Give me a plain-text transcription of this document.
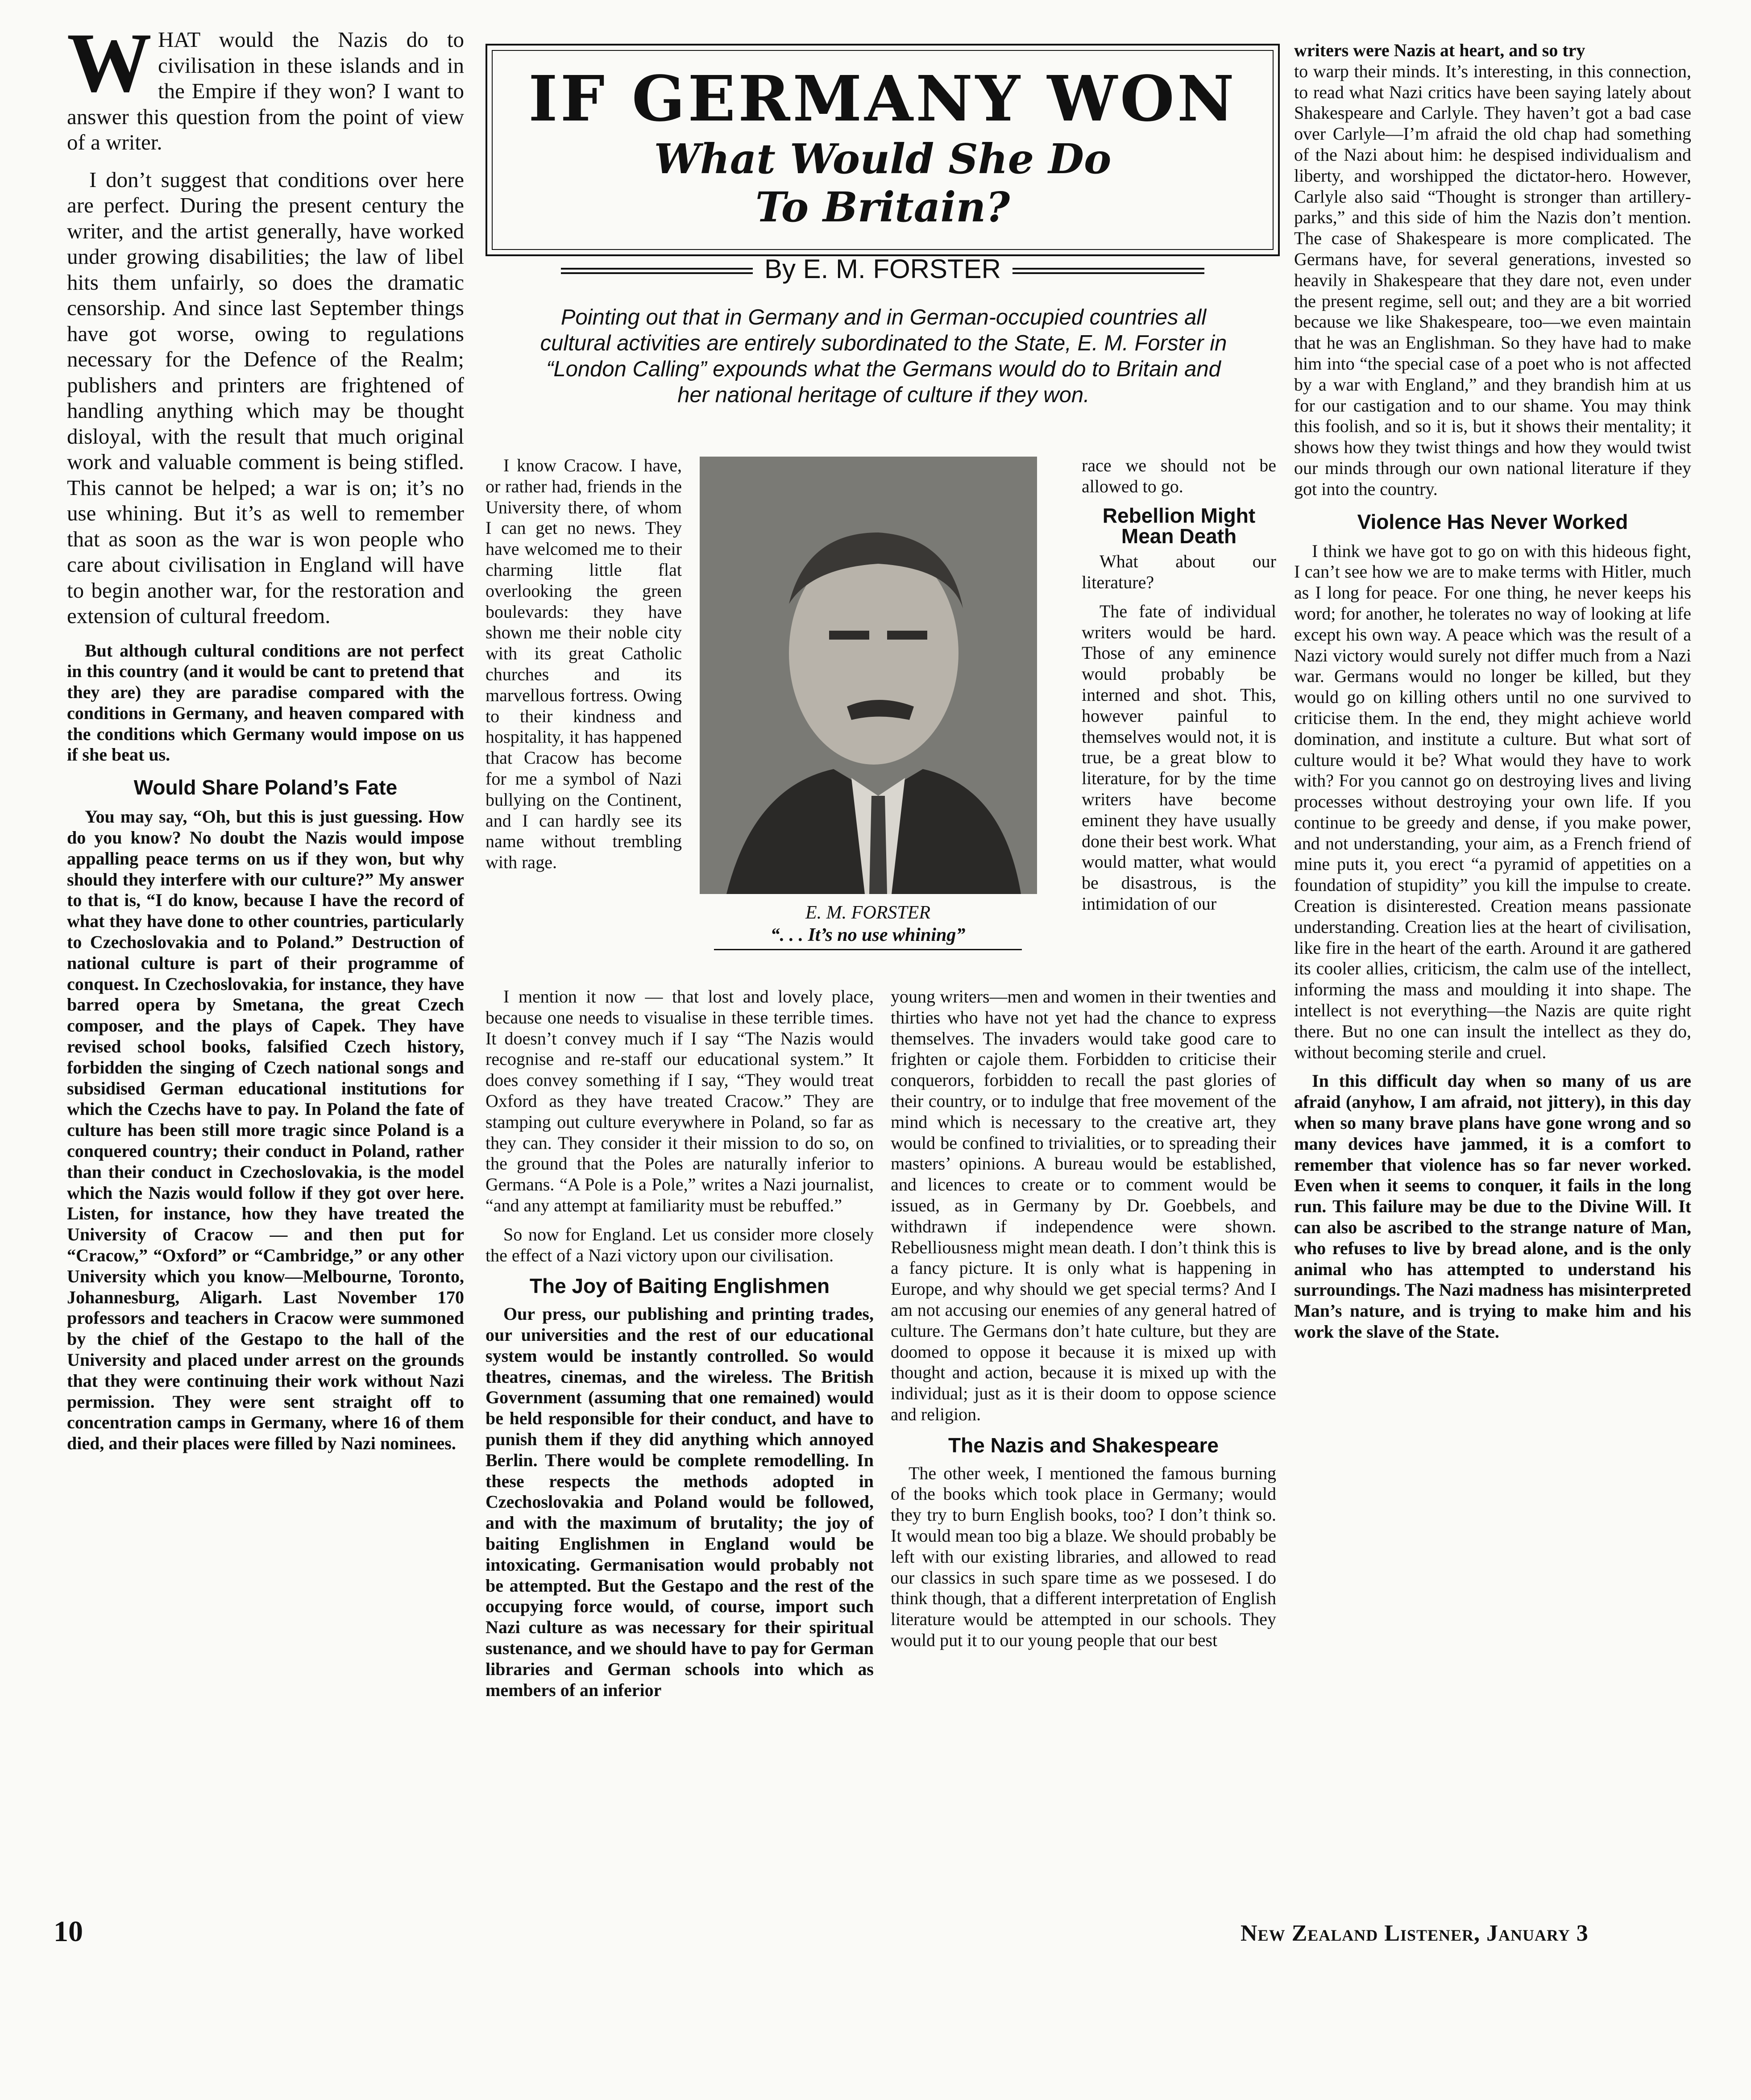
W HAT would the Nazis do to civilisation in these islands and in the Empire if they won? I want to answer this question from the point of view of a writer.

I don’t suggest that conditions over here are perfect. During the present century the writer, and the artist generally, have worked under growing disabilities; the law of libel hits them unfairly, so does the dramatic censorship. And since last September things have got worse, owing to regulations necessary for the Defence of the Realm; publishers and printers are frightened of handling anything which may be thought disloyal, with the result that much original work and valuable comment is being stifled. This cannot be helped; a war is on; it’s no use whining. But it’s as well to remember that as soon as the war is won people who care about civilisation in England will have to begin another war, for the restoration and extension of cultural freedom.

But although cultural conditions are not perfect in this country (and it would be cant to pretend that they are) they are paradise compared with the conditions in Germany, and heaven compared with the conditions which Germany would impose on us if she beat us.

Would Share Poland’s Fate

You may say, “Oh, but this is just guessing. How do you know? No doubt the Nazis would impose appalling peace terms on us if they won, but why should they interfere with our culture?” My answer to that is, “I do know, because I have the record of what they have done to other countries, particularly to Czechoslovakia and to Poland.” Destruction of national culture is part of their programme of conquest. In Czechoslovakia, for instance, they have barred opera by Smetana, the great Czech composer, and the plays of Capek. They have revised school books, falsified Czech history, forbidden the singing of Czech national songs and subsidised German educational institutions for which the Czechs have to pay. In Poland the fate of culture has been still more tragic since Poland is a conquered country; their conduct in Poland, rather than their conduct in Czechoslovakia, is the model which the Nazis would follow if they got over here. Listen, for instance, how they have treated the University of Cracow — and then put for “Cracow,” “Oxford” or “Cambridge,” or any other University which you know—Melbourne, Toronto, Johannesburg, Aligarh. Last November 170 professors and teachers in Cracow were summoned by the chief of the Gestapo to the hall of the University and placed under arrest on the grounds that they were continuing their work without Nazi permission. They were sent straight off to concentration camps in Germany, where 16 of them died, and their places were filled by Nazi nominees.

IF GERMANY WON
What Would She Do
To Britain?
By E. M. FORSTER
Pointing out that in Germany and in German-occupied countries all cultural activities are entirely subordinated to the State, E. M. Forster in “London Calling” expounds what the Germans would do to Britain and her national heritage of culture if they won.

I know Cracow. I have, or rather had, friends in the University there, of whom I can get no news. They have welcomed me to their charming little flat overlooking the green boulevards: they have shown me their noble city with its great Catholic churches and its marvellous fortress. Owing to their kindness and hospitality, it has happened that Cracow has become for me a symbol of Nazi bullying on the Continent, and I can hardly see its name without trembling with rage.

E. M. FORSTER
“. . . It’s no use whining”

race we should not be allowed to go.

Rebellion Might Mean Death

What about our literature?

The fate of individual writers would be hard. Those of any eminence would probably be interned and shot. This, however painful to themselves would not, it is true, be a great blow to literature, for by the time writers have become eminent they have usually done their best work. What would matter, what would be disastrous, is the intimidation of our

I mention it now — that lost and lovely place, because one needs to visualise in these terrible times. It doesn’t convey much if I say “The Nazis would recognise and re-staff our educational system.” It does convey something if I say, “They would treat Oxford as they have treated Cracow.” They are stamping out culture everywhere in Poland, so far as they can. They consider it their mission to do so, on the ground that the Poles are naturally inferior to Germans. “A Pole is a Pole,” writes a Nazi journalist, “and any attempt at familiarity must be rebuffed.”

So now for England. Let us consider more closely the effect of a Nazi victory upon our civilisation.

The Joy of Baiting Englishmen

Our press, our publishing and printing trades, our universities and the rest of our educational system would be instantly controlled. So would theatres, cinemas, and the wireless. The British Government (assuming that one remained) would be held responsible for their conduct, and have to punish them if they did anything which annoyed Berlin. There would be complete remodelling. In these respects the methods adopted in Czechoslovakia and Poland would be followed, and with the maximum of brutality; the joy of baiting Englishmen in England would be intoxicating. Germanisation would probably not be attempted. But the Gestapo and the rest of the occupying force would, of course, import such Nazi culture as was necessary for their spiritual sustenance, and we should have to pay for German libraries and German schools into which as members of an inferior

young writers—men and women in their twenties and thirties who have not yet had the chance to express themselves. The invaders would take good care to frighten or cajole them. Forbidden to criticise their conquerors, forbidden to recall the past glories of their country, or to indulge that free movement of the mind which is necessary to the creative art, they would be confined to trivialities, or to spreading their masters’ opinions. A bureau would be established, and licences to create or to comment would be issued, as in Germany by Dr. Goebbels, and withdrawn if independence were shown. Rebelliousness might mean death. I don’t think this is a fancy picture. It is only what is happening in Europe, and why should we get special terms? And I am not accusing our enemies of any general hatred of culture. The Germans don’t hate culture, but they are doomed to oppose it because it is mixed up with thought and action, because it is mixed up with the individual; just as it is their doom to oppose science and religion.

The Nazis and Shakespeare

The other week, I mentioned the famous burning of the books which took place in Germany; would they try to burn English books, too? I don’t think so. It would mean too big a blaze. We should probably be left with our existing libraries, and allowed to read our classics in such spare time as we possesed. I do think though, that a different interpretation of English literature would be attempted in our schools. They would put it to our young people that our best

writers were Nazis at heart, and so try

to warp their minds. It’s interesting, in this connection, to read what Nazi critics have been saying lately about Shakespeare and Carlyle. They haven’t got a bad case over Carlyle—I’m afraid the old chap had something of the Nazi about him: he despised individualism and liberty, and worshipped the dictator-hero. However, Carlyle also said “Thought is stronger than artillery-parks,” and this side of him the Nazis don’t mention. The case of Shakespeare is more complicated. The Germans have, for several generations, invested so heavily in Shakespeare that they dare not, even under the present regime, sell out; and they are a bit worried because we like Shakespeare, too—we even maintain that he was an Englishman. So they have had to make him into “the special case of a poet who is not affected by a war with England,” and they brandish him at us for our castigation and to our shame. You may think this foolish, and so it is, but it shows their mentality; it shows how they twist things and how they would twist our minds through our own national literature if they got into the country.

Violence Has Never Worked

I think we have got to go on with this hideous fight, I can’t see how we are to make terms with Hitler, much as I long for peace. For one thing, he never keeps his word; for another, he tolerates no way of looking at life except his own way. A peace which was the result of a Nazi victory would surely not differ much from a Nazi war. Germans would no longer be killed, but they would go on killing others until no one survived to criticise them. In the end, they might achieve world domination, and institute a culture. But what sort of culture would it be? What would they have to work with? For you cannot go on destroying lives and living processes without destroying your own life. If you continue to be greedy and dense, if you make power, and not understanding, your aim, as a French friend of mine puts it, you erect “a pyramid of appetities on a foundation of stupidity” you kill the impulse to create. Creation is disinterested. Creation means passionate understanding. Creation lies at the heart of civilisation, like fire in the heart of the earth. Around it are gathered its cooler allies, criticism, the calm use of the intellect, informing the mass and moulding it into shape. The intellect is not everything—the Nazis are quite right there. But no one can insult the intellect as they do, without becoming sterile and cruel.

In this difficult day when so many of us are afraid (anyhow, I am afraid, not jittery), in this day when so many brave plans have gone wrong and so many devices have jammed, it is a comfort to remember that violence has so far never worked. Even when it seems to conquer, it fails in the long run. This failure may be due to the Divine Will. It can also be ascribed to the strange nature of Man, who refuses to live by bread alone, and is the only animal who has attempted to understand his surroundings. The Nazi madness has misinterpreted Man’s nature, and is trying to make him and his work the slave of the State.

10	New Zealand Listener, January 3
